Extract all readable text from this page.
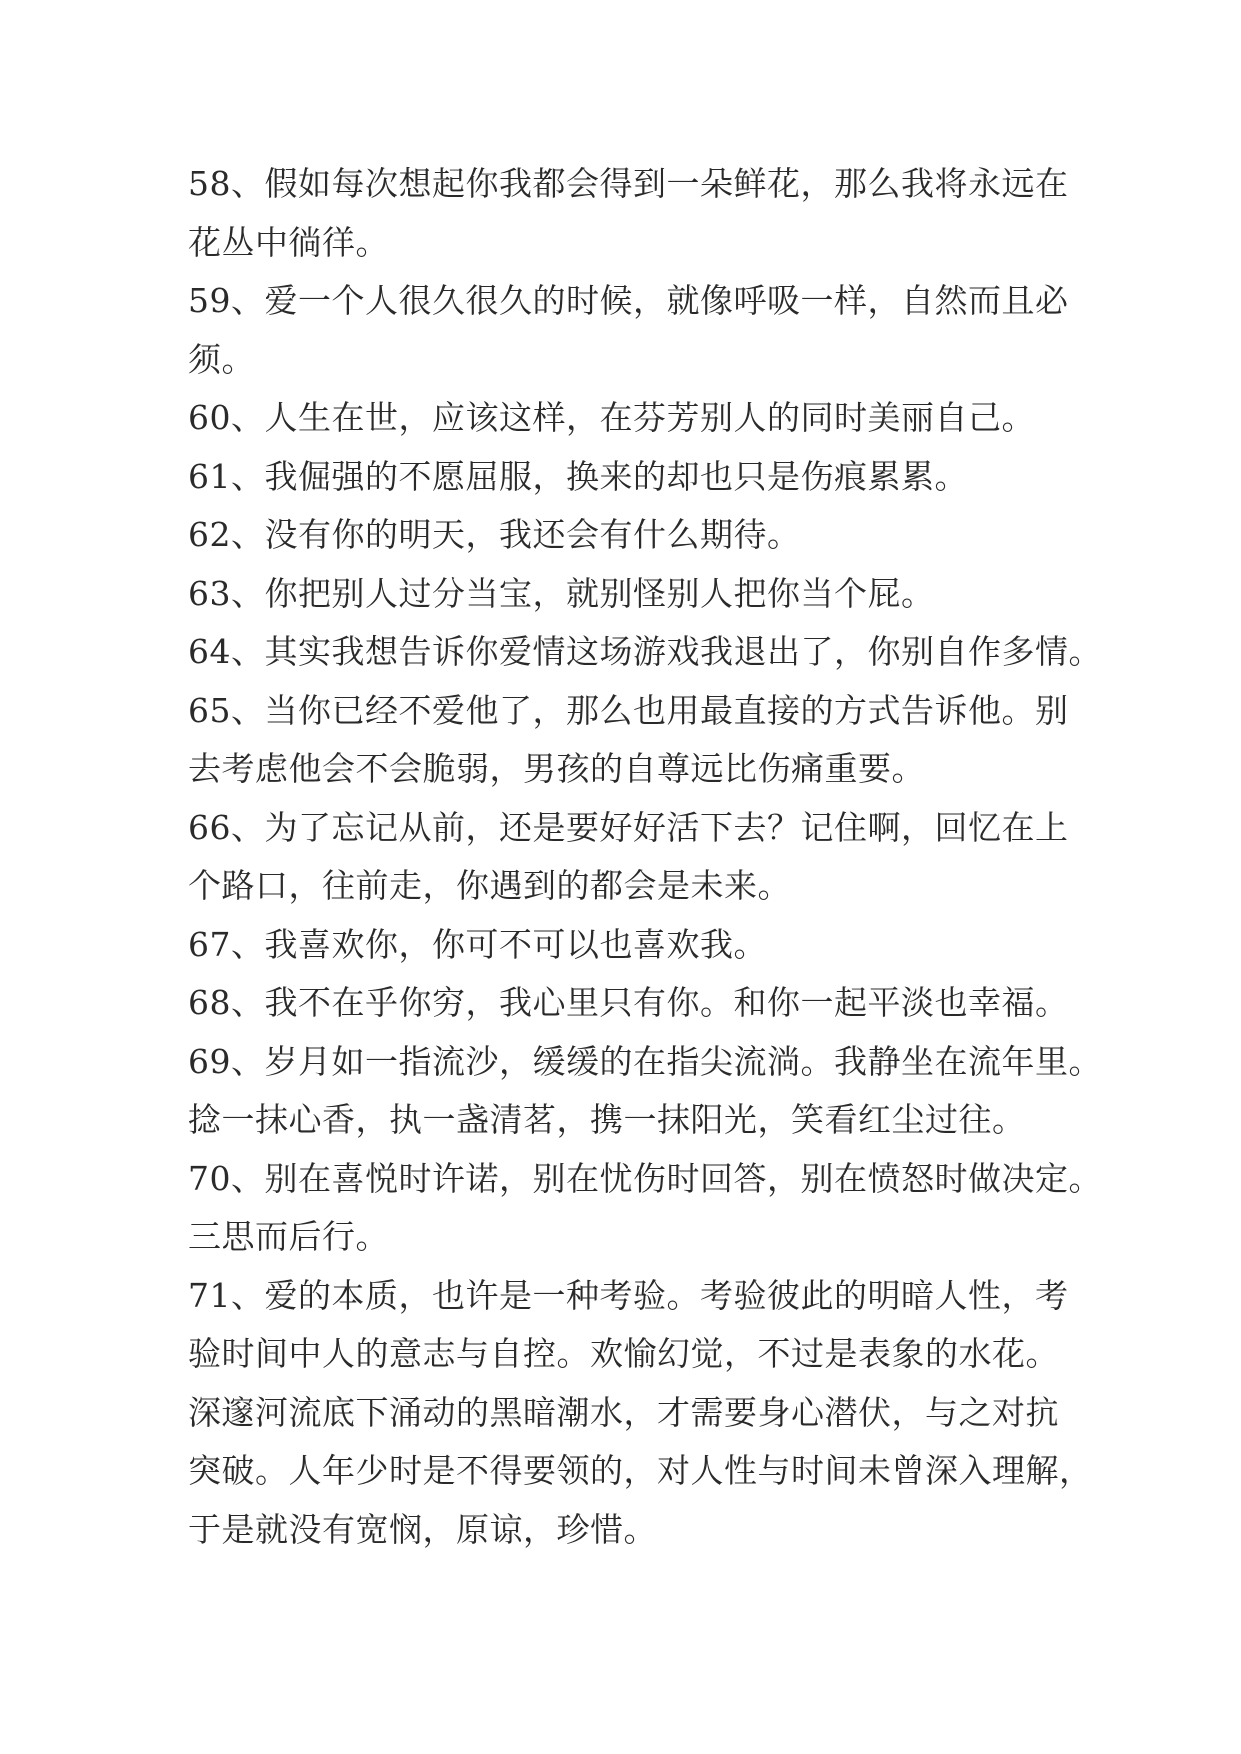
58、假如每次想起你我都会得到一朵鲜花，那么我将永远在
花丛中徜徉。
59、爱一个人很久很久的时候，就像呼吸一样，自然而且必
须。
60、人生在世，应该这样，在芬芳别人的同时美丽自己。
61、我倔强的不愿屈服，换来的却也只是伤痕累累。
62、没有你的明天，我还会有什么期待。
63、你把别人过分当宝，就别怪别人把你当个屁。
64、其实我想告诉你爱情这场游戏我退出了，你别自作多情。
65、当你已经不爱他了，那么也用最直接的方式告诉他。别
去考虑他会不会脆弱，男孩的自尊远比伤痛重要。
66、为了忘记从前，还是要好好活下去？记住啊，回忆在上
个路口，往前走，你遇到的都会是未来。
67、我喜欢你，你可不可以也喜欢我。
68、我不在乎你穷，我心里只有你。和你一起平淡也幸福。
69、岁月如一指流沙，缓缓的在指尖流淌。我静坐在流年里。
捻一抹心香，执一盏清茗，携一抹阳光，笑看红尘过往。
70、别在喜悦时许诺，别在忧伤时回答，别在愤怒时做决定。
三思而后行。
71、爱的本质，也许是一种考验。考验彼此的明暗人性，考
验时间中人的意志与自控。欢愉幻觉，不过是表象的水花。
深邃河流底下涌动的黑暗潮水，才需要身心潜伏，与之对抗
突破。人年少时是不得要领的，对人性与时间未曾深入理解，
于是就没有宽悯，原谅，珍惜。
